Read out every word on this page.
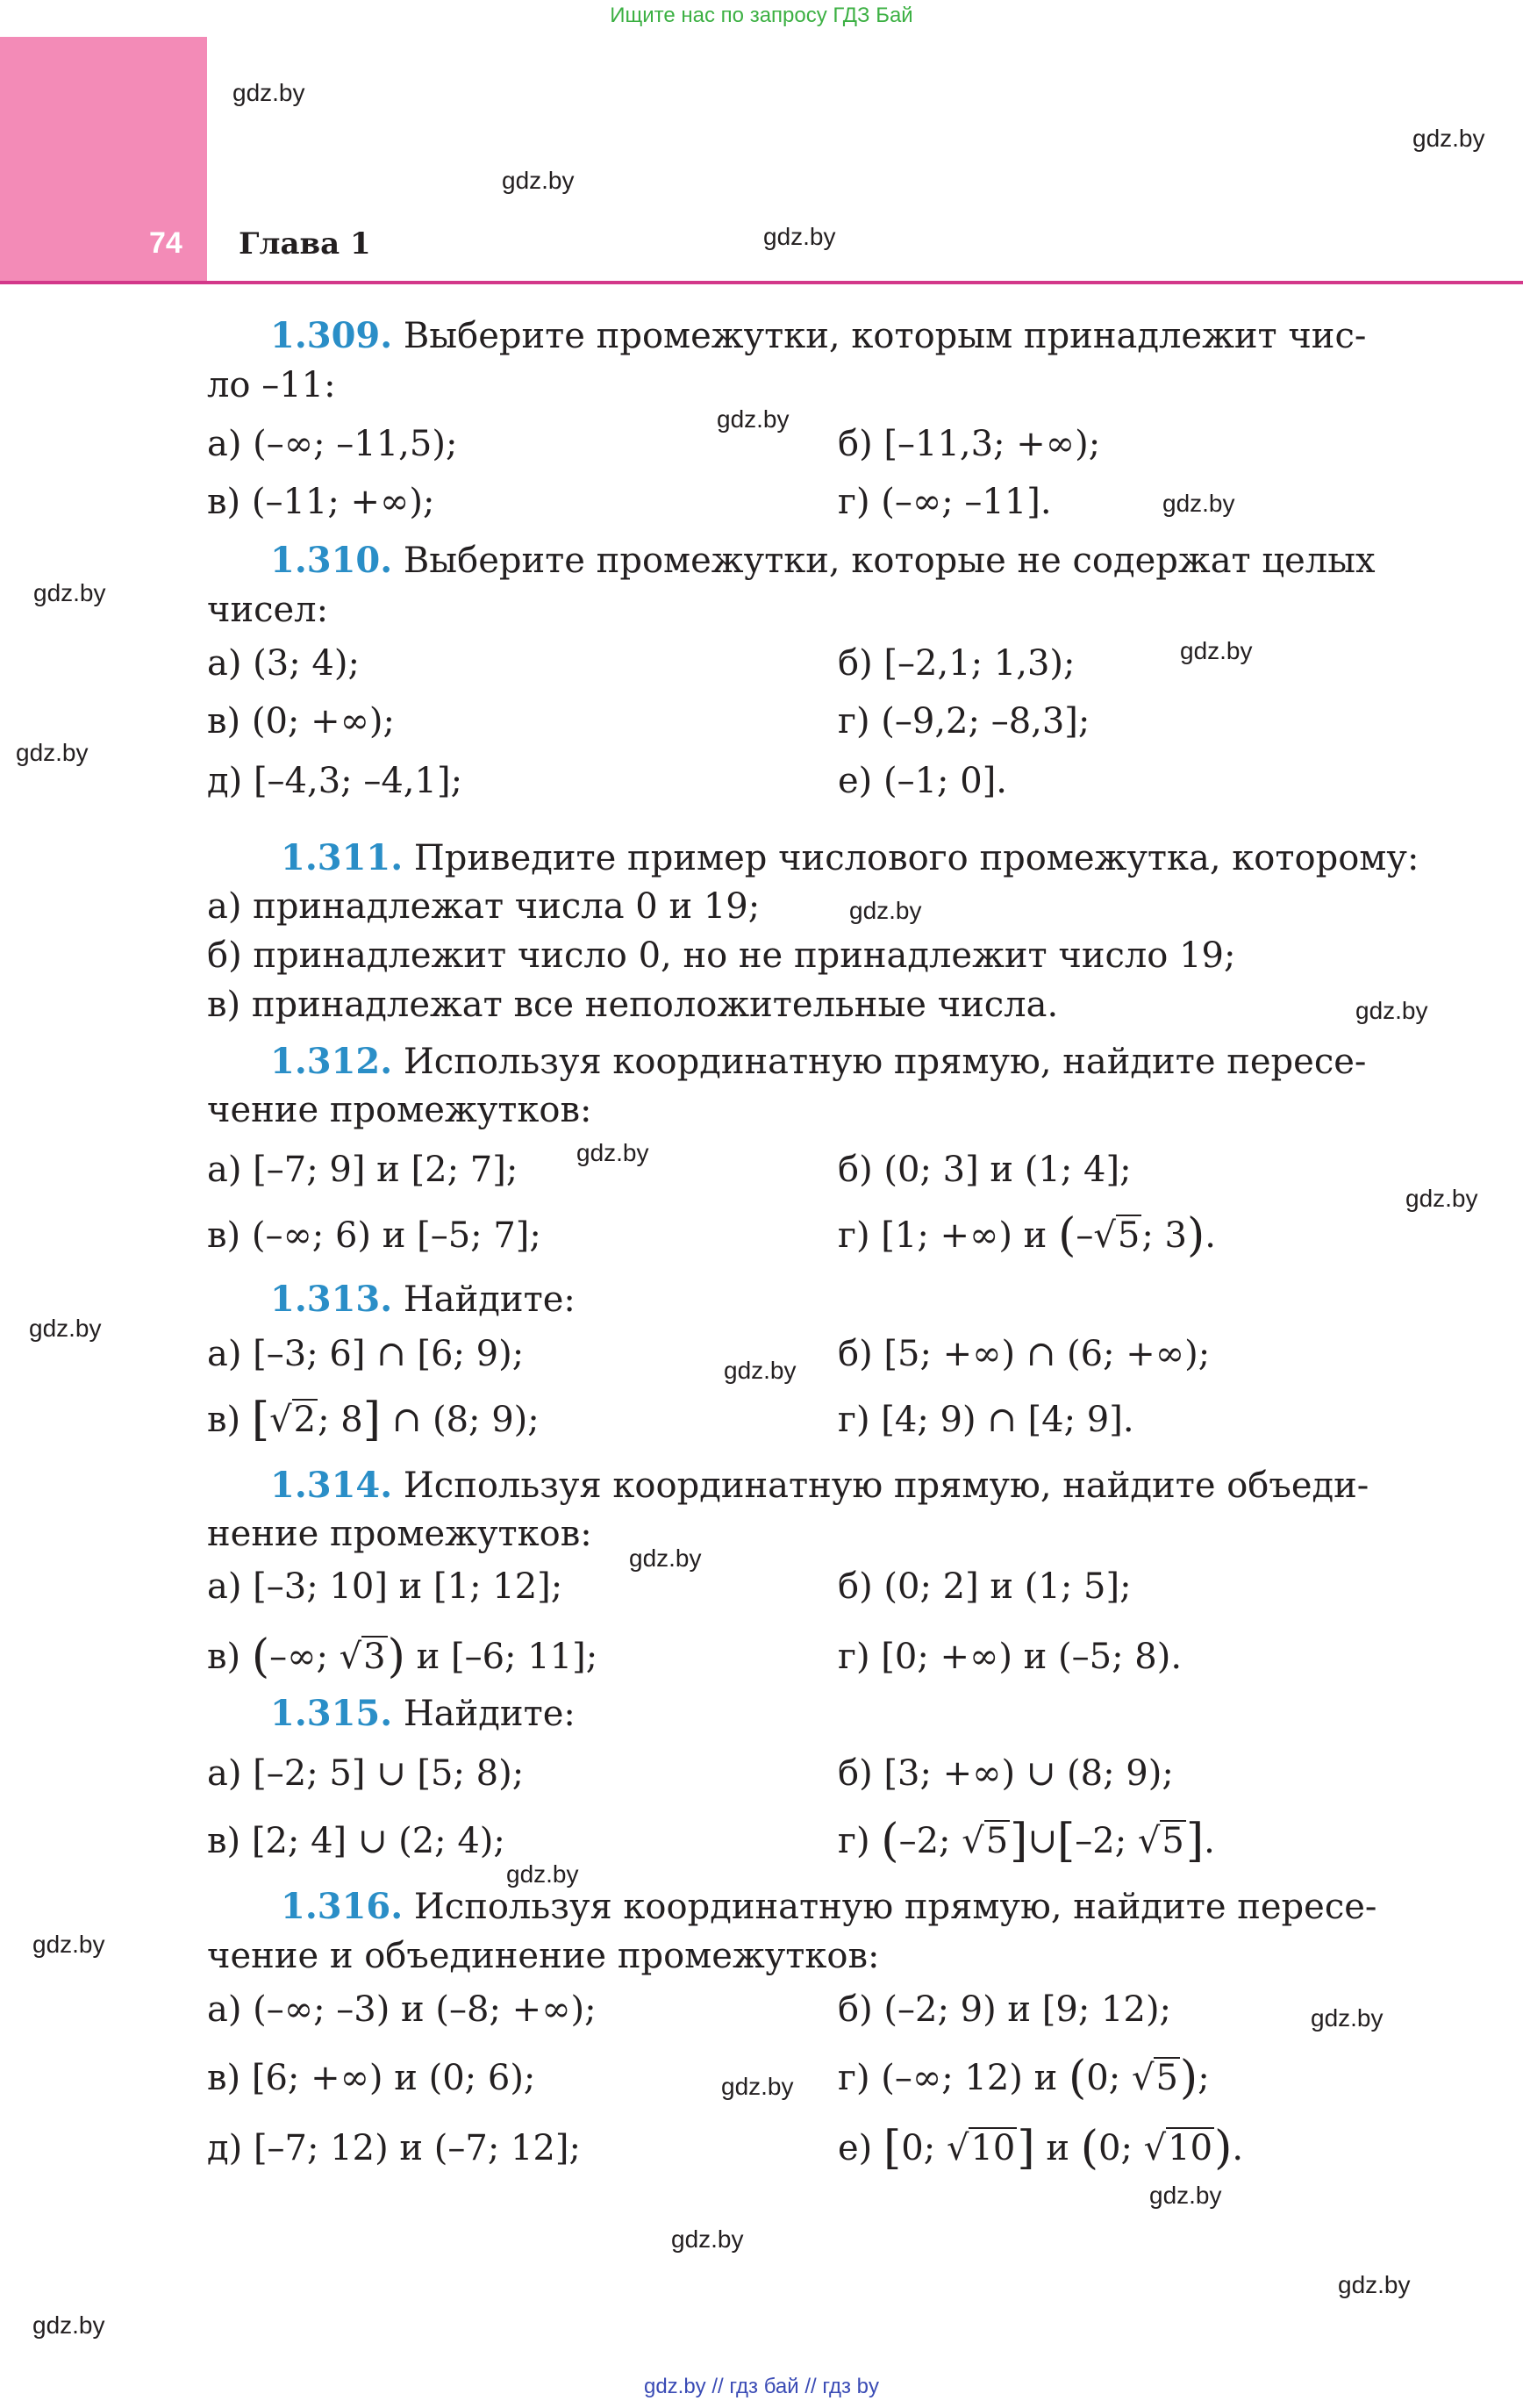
Ищите нас по запросу ГДЗ Бай
74 Глава 1
gdz.by
gdz.by
gdz.by
gdz.by
gdz.by
gdz.by
gdz.by
gdz.by
gdz.by
gdz.by
gdz.by
gdz.by
gdz.by
gdz.by
gdz.by
gdz.by
gdz.by
gdz.by
gdz.by
gdz.by
gdz.by
gdz.by
gdz.by
gdz.by
1.309. Выберите промежутки, которым принадлежит чис-
ло –11:
а) (–∞; –11,5);	б) [–11,3; +∞);
в) (–11; +∞);	г) (–∞; –11].
1.310. Выберите промежутки, которые не содержат целых
чисел:
а) (3; 4);	б) [–2,1; 1,3);
в) (0; +∞);	г) (–9,2; –8,3];
д) [–4,3; –4,1];	е) (–1; 0].
1.311. Приведите пример числового промежутка, которому:
а) принадлежат числа 0 и 19;
б) принадлежит число 0, но не принадлежит число 19;
в) принадлежат все неположительные числа.
1.312. Используя координатную прямую, найдите пересе-
чение промежутков:
а) [–7; 9] и [2; 7];	б) (0; 3] и (1; 4];
в) (–∞; 6) и [–5; 7];	г) [1; +∞) и (–√5; 3).
1.313. Найдите:
а) [–3; 6] ∩ [6; 9);	б) [5; +∞) ∩ (6; +∞);
в) [√2; 8] ∩ (8; 9);	г) [4; 9) ∩ [4; 9].
1.314. Используя координатную прямую, найдите объеди-
нение промежутков:
а) [–3; 10] и [1; 12];	б) (0; 2] и (1; 5];
в) (–∞; √3) и [–6; 11];	г) [0; +∞) и (–5; 8).
1.315. Найдите:
а) [–2; 5] ∪ [5; 8);	б) [3; +∞) ∪ (8; 9);
в) [2; 4] ∪ (2; 4);	г) (–2; √5]∪[–2; √5].
1.316. Используя координатную прямую, найдите пересе-
чение и объединение промежутков:
а) (–∞; –3) и (–8; +∞);	б) (–2; 9) и [9; 12);
в) [6; +∞) и (0; 6);	г) (–∞; 12) и (0; √5);
д) [–7; 12) и (–7; 12];	е) [0; √10] и (0; √10).
gdz.by // гдз бай // гдз by
